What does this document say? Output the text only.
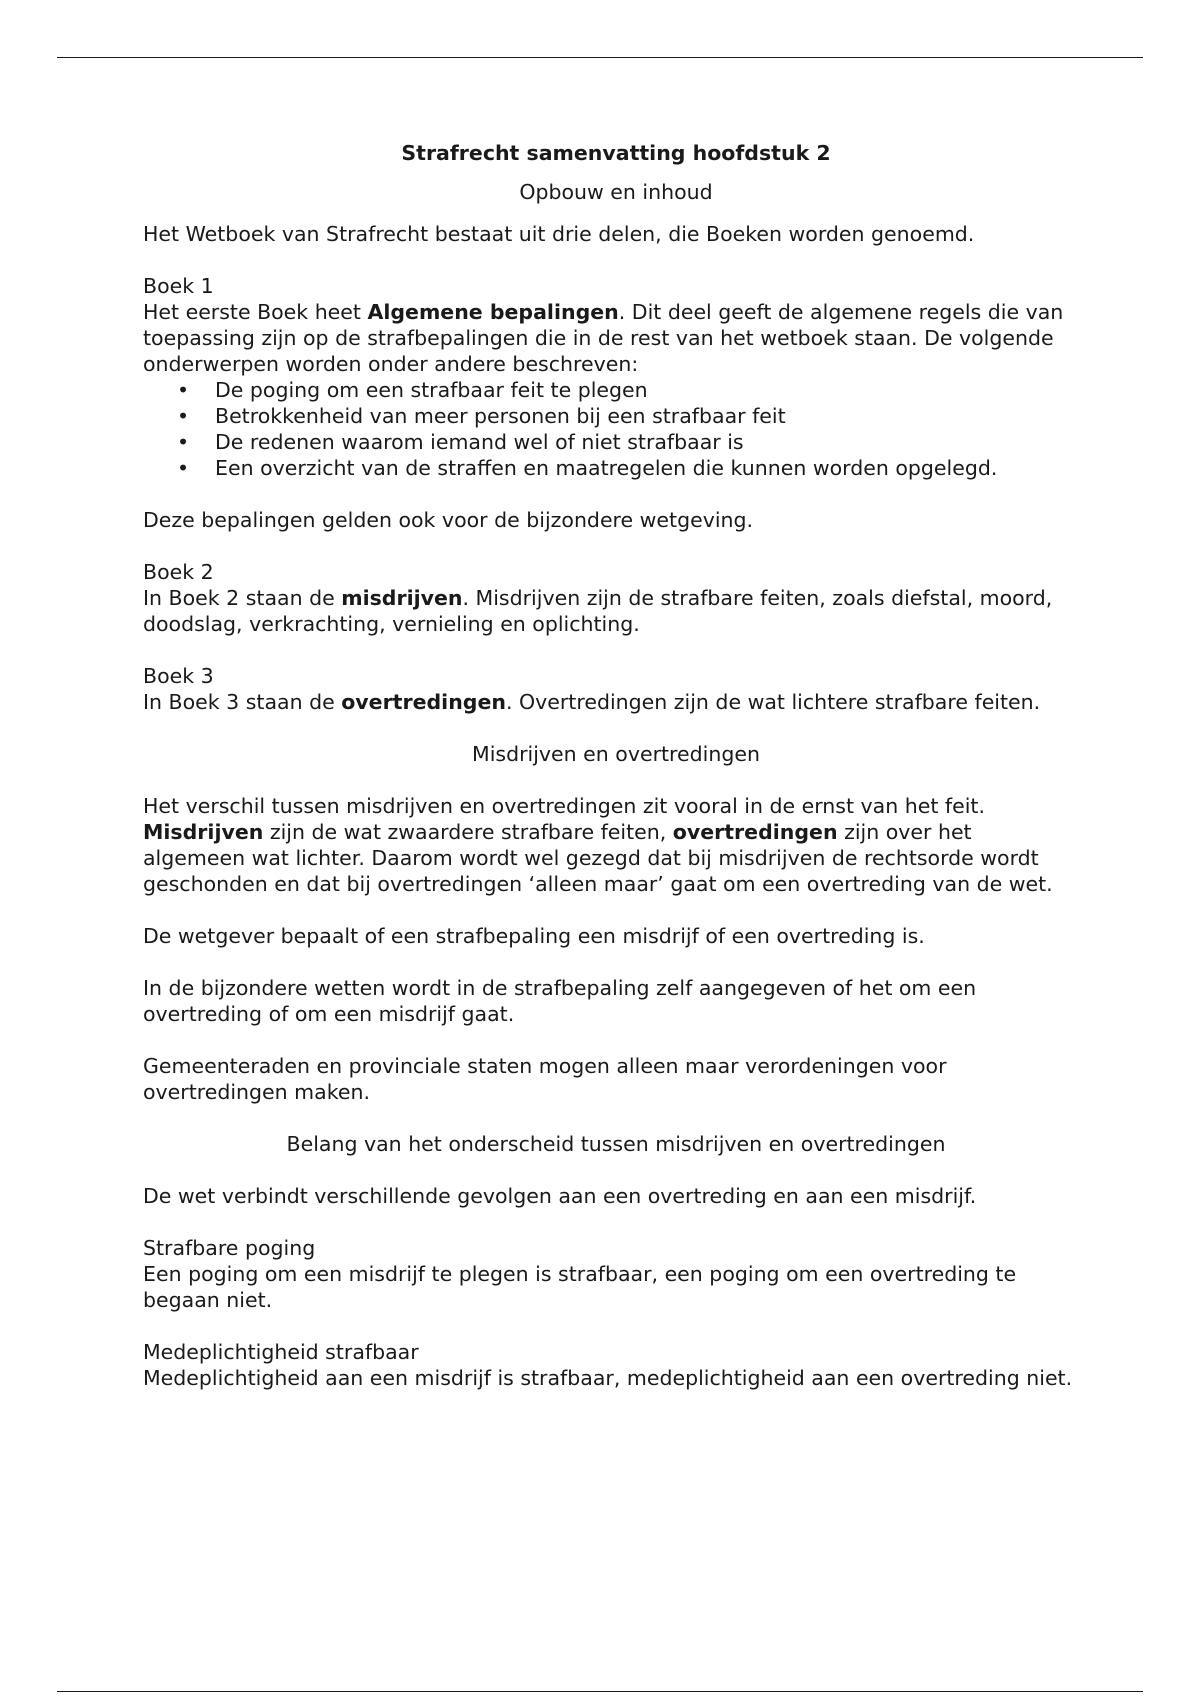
Strafrecht samenvatting hoofdstuk 2

Opbouw en inhoud

Het Wetboek van Strafrecht bestaat uit drie delen, die Boeken worden genoemd.

Boek 1

Het eerste Boek heet Algemene bepalingen. Dit deel geeft de algemene regels die van toepassing zijn op de strafbepalingen die in de rest van het wetboek staan. De volgende onderwerpen worden onder andere beschreven:

• De poging om een strafbaar feit te plegen
• Betrokkenheid van meer personen bij een strafbaar feit
• De redenen waarom iemand wel of niet strafbaar is
• Een overzicht van de straffen en maatregelen die kunnen worden opgelegd.

Deze bepalingen gelden ook voor de bijzondere wetgeving.

Boek 2

In Boek 2 staan de misdrijven. Misdrijven zijn de strafbare feiten, zoals diefstal, moord, doodslag, verkrachting, vernieling en oplichting.

Boek 3

In Boek 3 staan de overtredingen. Overtredingen zijn de wat lichtere strafbare feiten.

Misdrijven en overtredingen

Het verschil tussen misdrijven en overtredingen zit vooral in de ernst van het feit. Misdrijven zijn de wat zwaardere strafbare feiten, overtredingen zijn over het algemeen wat lichter. Daarom wordt wel gezegd dat bij misdrijven de rechtsorde wordt geschonden en dat bij overtredingen ‘alleen maar’ gaat om een overtreding van de wet.

De wetgever bepaalt of een strafbepaling een misdrijf of een overtreding is.

In de bijzondere wetten wordt in de strafbepaling zelf aangegeven of het om een overtreding of om een misdrijf gaat.

Gemeenteraden en provinciale staten mogen alleen maar verordeningen voor overtredingen maken.

Belang van het onderscheid tussen misdrijven en overtredingen

De wet verbindt verschillende gevolgen aan een overtreding en aan een misdrijf.

Strafbare poging

Een poging om een misdrijf te plegen is strafbaar, een poging om een overtreding te begaan niet.

Medeplichtigheid strafbaar

Medeplichtigheid aan een misdrijf is strafbaar, medeplichtigheid aan een overtreding niet.
